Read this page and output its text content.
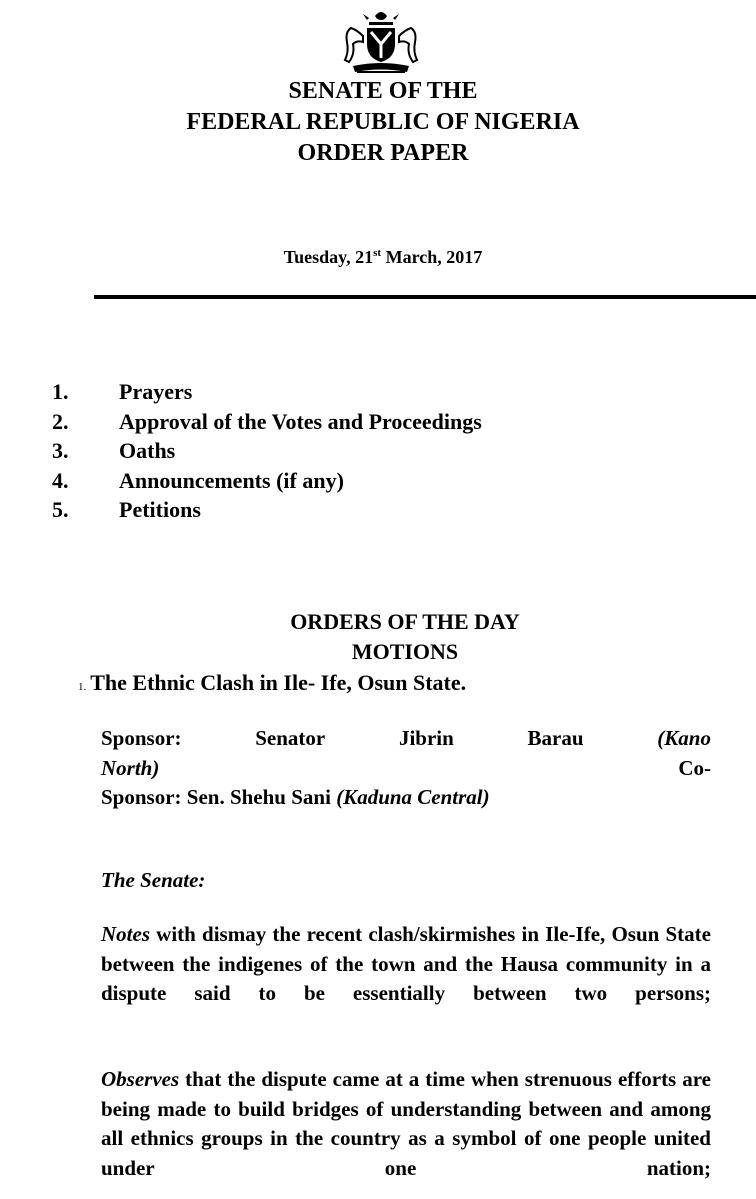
SENATE OF THE
FEDERAL REPUBLIC OF NIGERIA
ORDER PAPER
Tuesday, 21st March, 2017
1. Prayers
2. Approval of the Votes and Proceedings
3. Oaths
4. Announcements (if any)
5. Petitions
ORDERS OF THE DAY
MOTIONS
1. The Ethnic Clash in Ile- Ife, Osun State.
Sponsor:	Senator	Jibrin	Barau	(Kano
North)	Co-
Sponsor: Sen. Shehu Sani (Kaduna Central)
The Senate:
Notes with dismay the recent clash/skirmishes in Ile-Ife, Osun State between the indigenes of the town and the Hausa community in a dispute said to be essentially between two persons;
Observes that the dispute came at a time when strenuous efforts are being made to build bridges of understanding between and among all ethnics groups in the country as a symbol of one people united under one nation;
